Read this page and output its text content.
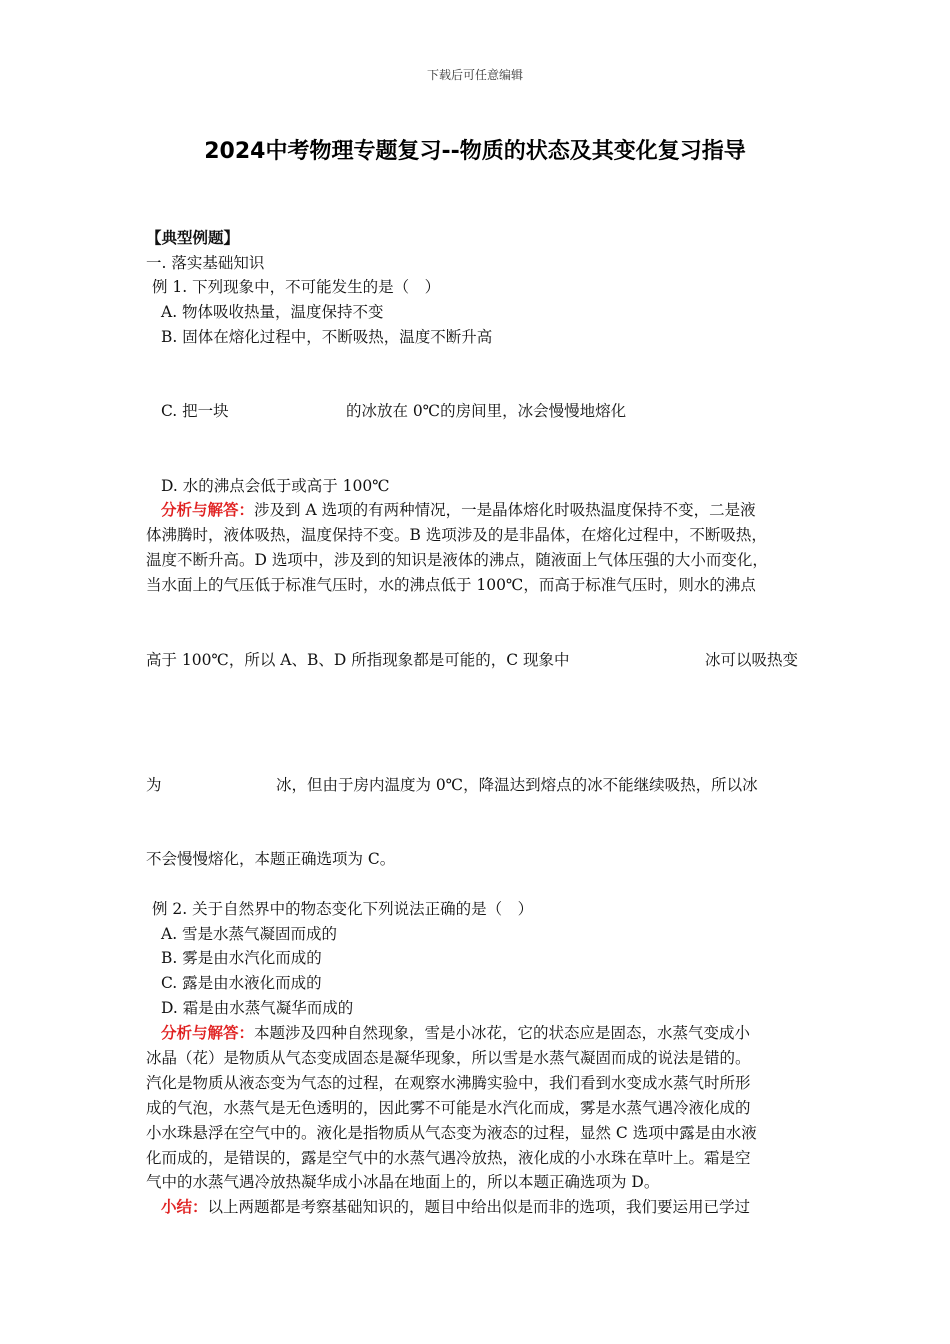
下载后可任意编辑
2024中考物理专题复习--物质的状态及其变化复习指导
【典型例题】
一. 落实基础知识
例 1. 下列现象中，不可能发生的是（　）
A. 物体吸收热量，温度保持不变
B. 固体在熔化过程中，不断吸热，温度不断升高
C. 把一块	的冰放在 0℃的房间里，冰会慢慢地熔化
D. 水的沸点会低于或高于 100℃
分析与解答：涉及到 A 选项的有两种情况，一是晶体熔化时吸热温度保持不变，二是液
体沸腾时，液体吸热，温度保持不变。B 选项涉及的是非晶体，在熔化过程中，不断吸热，
温度不断升高。D 选项中，涉及到的知识是液体的沸点，随液面上气体压强的大小而变化，
当水面上的气压低于标准气压时，水的沸点低于 100℃，而高于标准气压时，则水的沸点
高于 100℃，所以 A、B、D 所指现象都是可能的，C 现象中	冰可以吸热变
为	冰，但由于房内温度为 0℃，降温达到熔点的冰不能继续吸热，所以冰
不会慢慢熔化，本题正确选项为 C。
例 2. 关于自然界中的物态变化下列说法正确的是（　）
A. 雪是水蒸气凝固而成的
B. 雾是由水汽化而成的
C. 露是由水液化而成的
D. 霜是由水蒸气凝华而成的
分析与解答：本题涉及四种自然现象，雪是小冰花，它的状态应是固态，水蒸气变成小
冰晶（花）是物质从气态变成固态是凝华现象，所以雪是水蒸气凝固而成的说法是错的。
汽化是物质从液态变为气态的过程，在观察水沸腾实验中，我们看到水变成水蒸气时所形
成的气泡，水蒸气是无色透明的，因此雾不可能是水汽化而成，雾是水蒸气遇冷液化成的
小水珠悬浮在空气中的。液化是指物质从气态变为液态的过程，显然 C 选项中露是由水液
化而成的，是错误的，露是空气中的水蒸气遇冷放热，液化成的小水珠在草叶上。霜是空
气中的水蒸气遇冷放热凝华成小冰晶在地面上的，所以本题正确选项为 D。
小结：以上两题都是考察基础知识的，题目中给出似是而非的选项，我们要运用已学过
